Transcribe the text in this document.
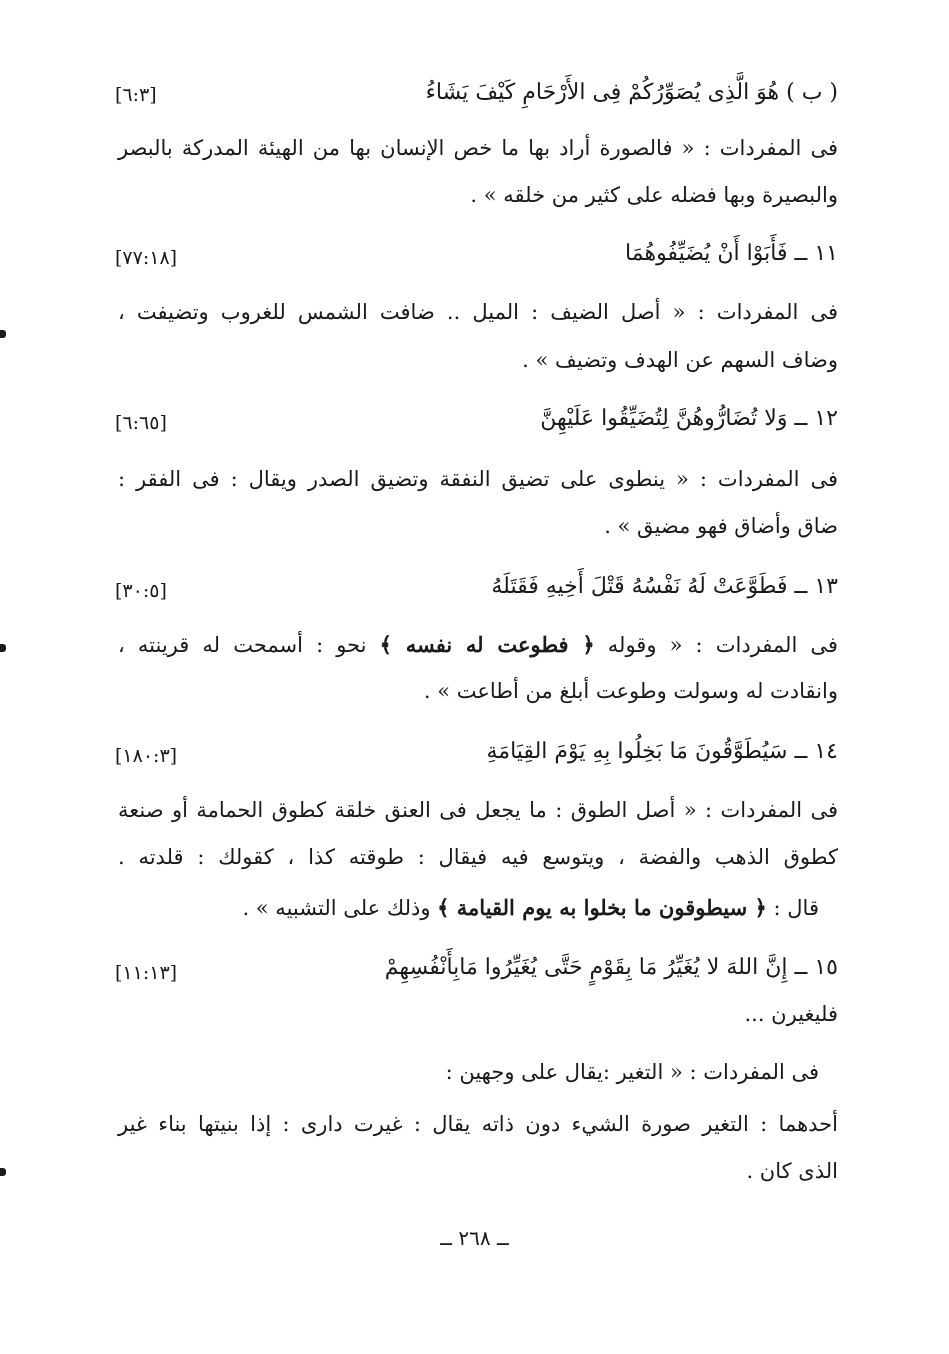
( ب ) هُوَ الَّذِى يُصَوِّرُكُمْ فِى الأَرْحَامِ كَيْفَ يَشَاءُ
[٦:٣]
فى المفردات : « فالصورة أراد بها ما خص الإنسان بها من الهيئة المدركة بالبصر
والبصيرة وبها فضله على كثير من خلقه » .
١١ ــ فَأَبَوْا أَنْ يُضَيِّفُوهُمَا
[٧٧:١٨]
فى المفردات : « أصل الضيف : الميل .. ضافت الشمس للغروب وتضيفت ،
وضاف السهم عن الهدف وتضيف » .
١٢ ــ وَلا تُضَارُّوهُنَّ لِتُضَيِّقُوا عَلَيْهِنَّ
[٦:٦٥]
فى المفردات : « ينطوى على تضيق النفقة وتضيق الصدر ويقال : فى الفقر :
ضاق وأضاق فهو مضيق » .
١٣ ــ فَطَوَّعَتْ لَهُ نَفْسُهُ قَتْلَ أَخِيهِ فَقَتَلَهُ
[٣٠:٥]
فى المفردات : « وقوله ﴿ فطوعت له نفسه ﴾ نحو : أسمحت له قرينته ،
وانقادت له وسولت وطوعت أبلغ من أطاعت » .
١٤ ــ سَيُطَوَّقُونَ مَا بَخِلُوا بِهِ يَوْمَ القِيَامَةِ
[١٨٠:٣]
فى المفردات : « أصل الطوق : ما يجعل فى العنق خلقة كطوق الحمامة أو صنعة
كطوق الذهب والفضة ، ويتوسع فيه فيقال : طوقته كذا ، كقولك : قلدته .
قال : ﴿ سيطوقون ما بخلوا به يوم القيامة ﴾ وذلك على التشبيه » .
١٥ ــ إِنَّ اللهَ لا يُغَيِّرُ مَا بِقَوْمٍ حَتَّى يُغَيِّرُوا مَابِأَنْفُسِهِمْ
[١١:١٣]
فليغيرن ...
فى المفردات : « التغير :يقال على وجهين :
أحدهما : التغير صورة الشيء دون ذاته يقال : غيرت دارى : إذا بنيتها بناء غير
الذى كان .
ــ ٢٦٨ ــ
